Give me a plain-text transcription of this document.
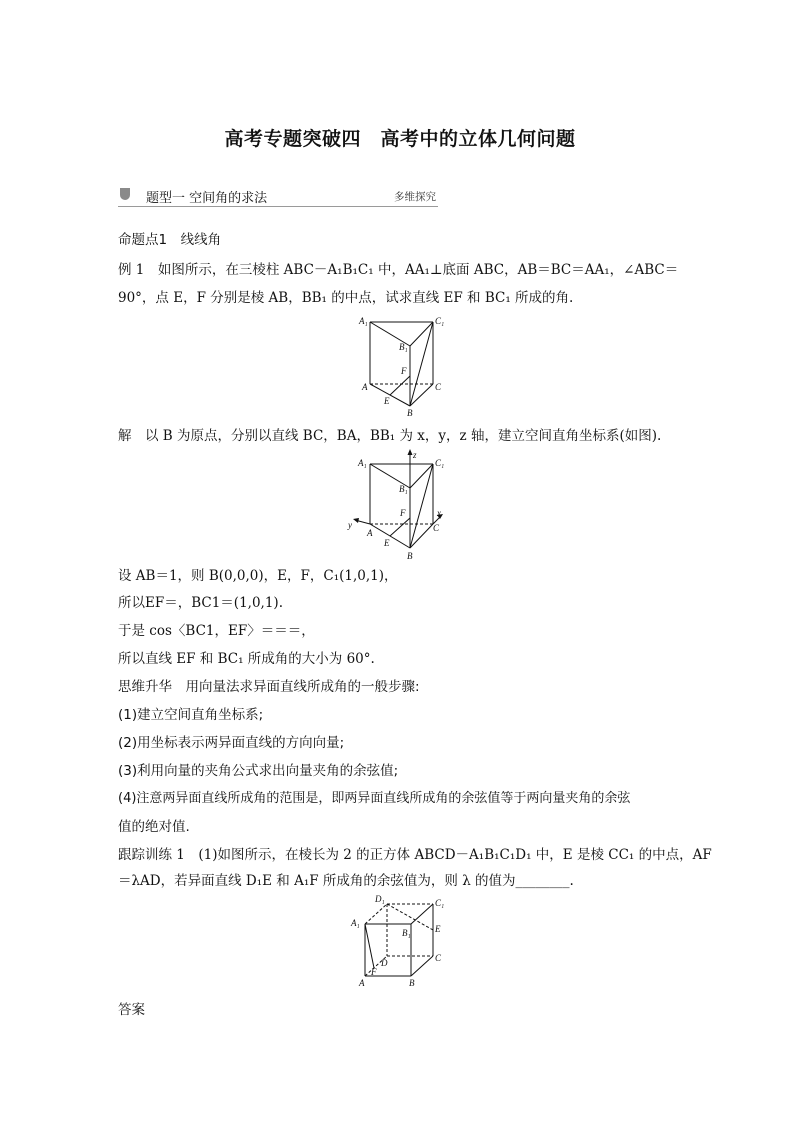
高考专题突破四　高考中的立体几何问题
题型一 空间角的求法	多维探究
命题点1　线线角
例 1　如图所示，在三棱柱 ABC－A₁B₁C₁ 中，AA₁⊥底面 ABC，AB＝BC＝AA₁，∠ABC＝
90°，点 E，F 分别是棱 AB，BB₁ 的中点，试求直线 EF 和 BC₁ 所成的角.
A₁	C₁
B₁
F
A	C
E
B
解　以 B 为原点，分别以直线 BC，BA，BB₁ 为 x，y，z 轴，建立空间直角坐标系(如图).
z
A₁	C₁
B₁
F	x
y
A	C
E
B
设 AB＝1，则 B(0,0,0)，E，F，C₁(1,0,1)，
所以EF＝，BC1＝(1,0,1).
于是 cos〈BC1，EF〉＝＝＝，
所以直线 EF 和 BC₁ 所成角的大小为 60°.
思维升华　用向量法求异面直线所成角的一般步骤:
(1)建立空间直角坐标系;
(2)用坐标表示两异面直线的方向向量;
(3)利用向量的夹角公式求出向量夹角的余弦值;
(4)注意两异面直线所成角的范围是，即两异面直线所成角的余弦值等于两向量夹角的余弦
值的绝对值.
跟踪训练 1　(1)如图所示，在棱长为 2 的正方体 ABCD－A₁B₁C₁D₁ 中，E 是棱 CC₁ 的中点，AF
＝λAD，若异面直线 D₁E 和 A₁F 所成角的余弦值为，则 λ 的值为________.
D₁	C₁
A₁
B₁	E
D	C
F
A	B
答案
